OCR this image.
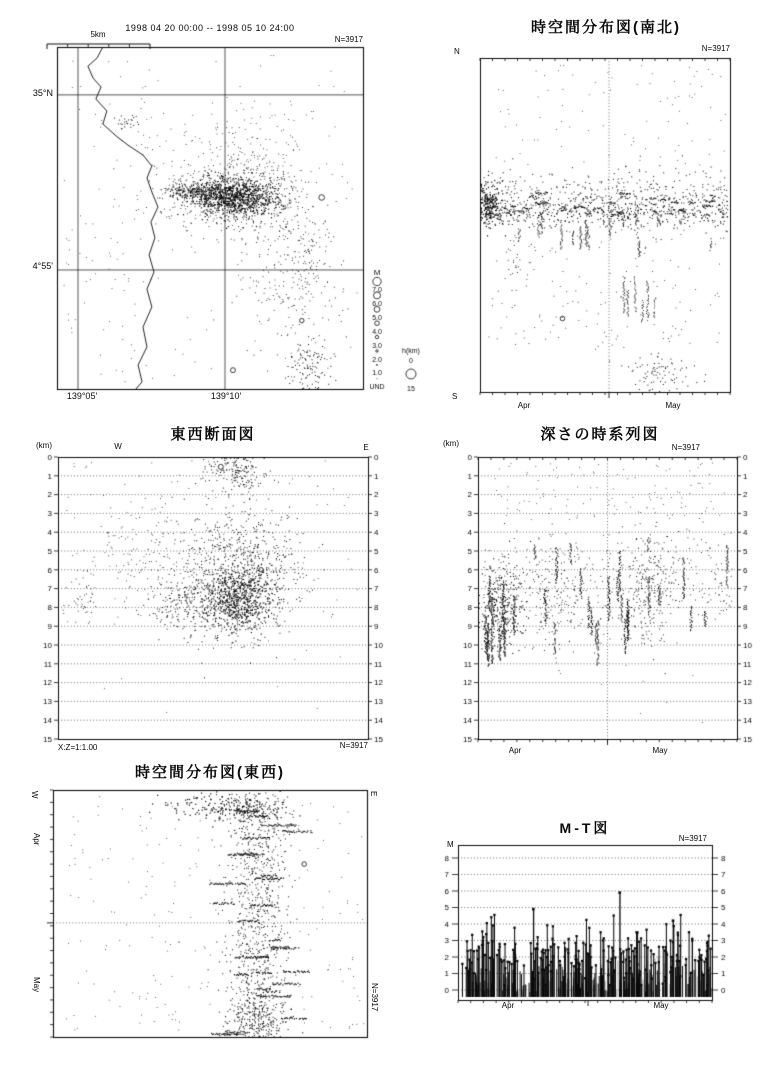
1998 04 20 00:00 -- 1998 05 10 24:00
5km
N=3917
35°N
4°55'
139°05'	139°10'
時空間分布図(南北)
N	N=3917
S
Apr	May
東西断面図
(km)	W	E
X:Z=1:1.00	N=3917
深さの時系列図
(km)	N=3917
Apr	May
時空間分布図(東西)
W	E
Apr
May	N=3917
M-T図
M
N=3917
Apr	May
